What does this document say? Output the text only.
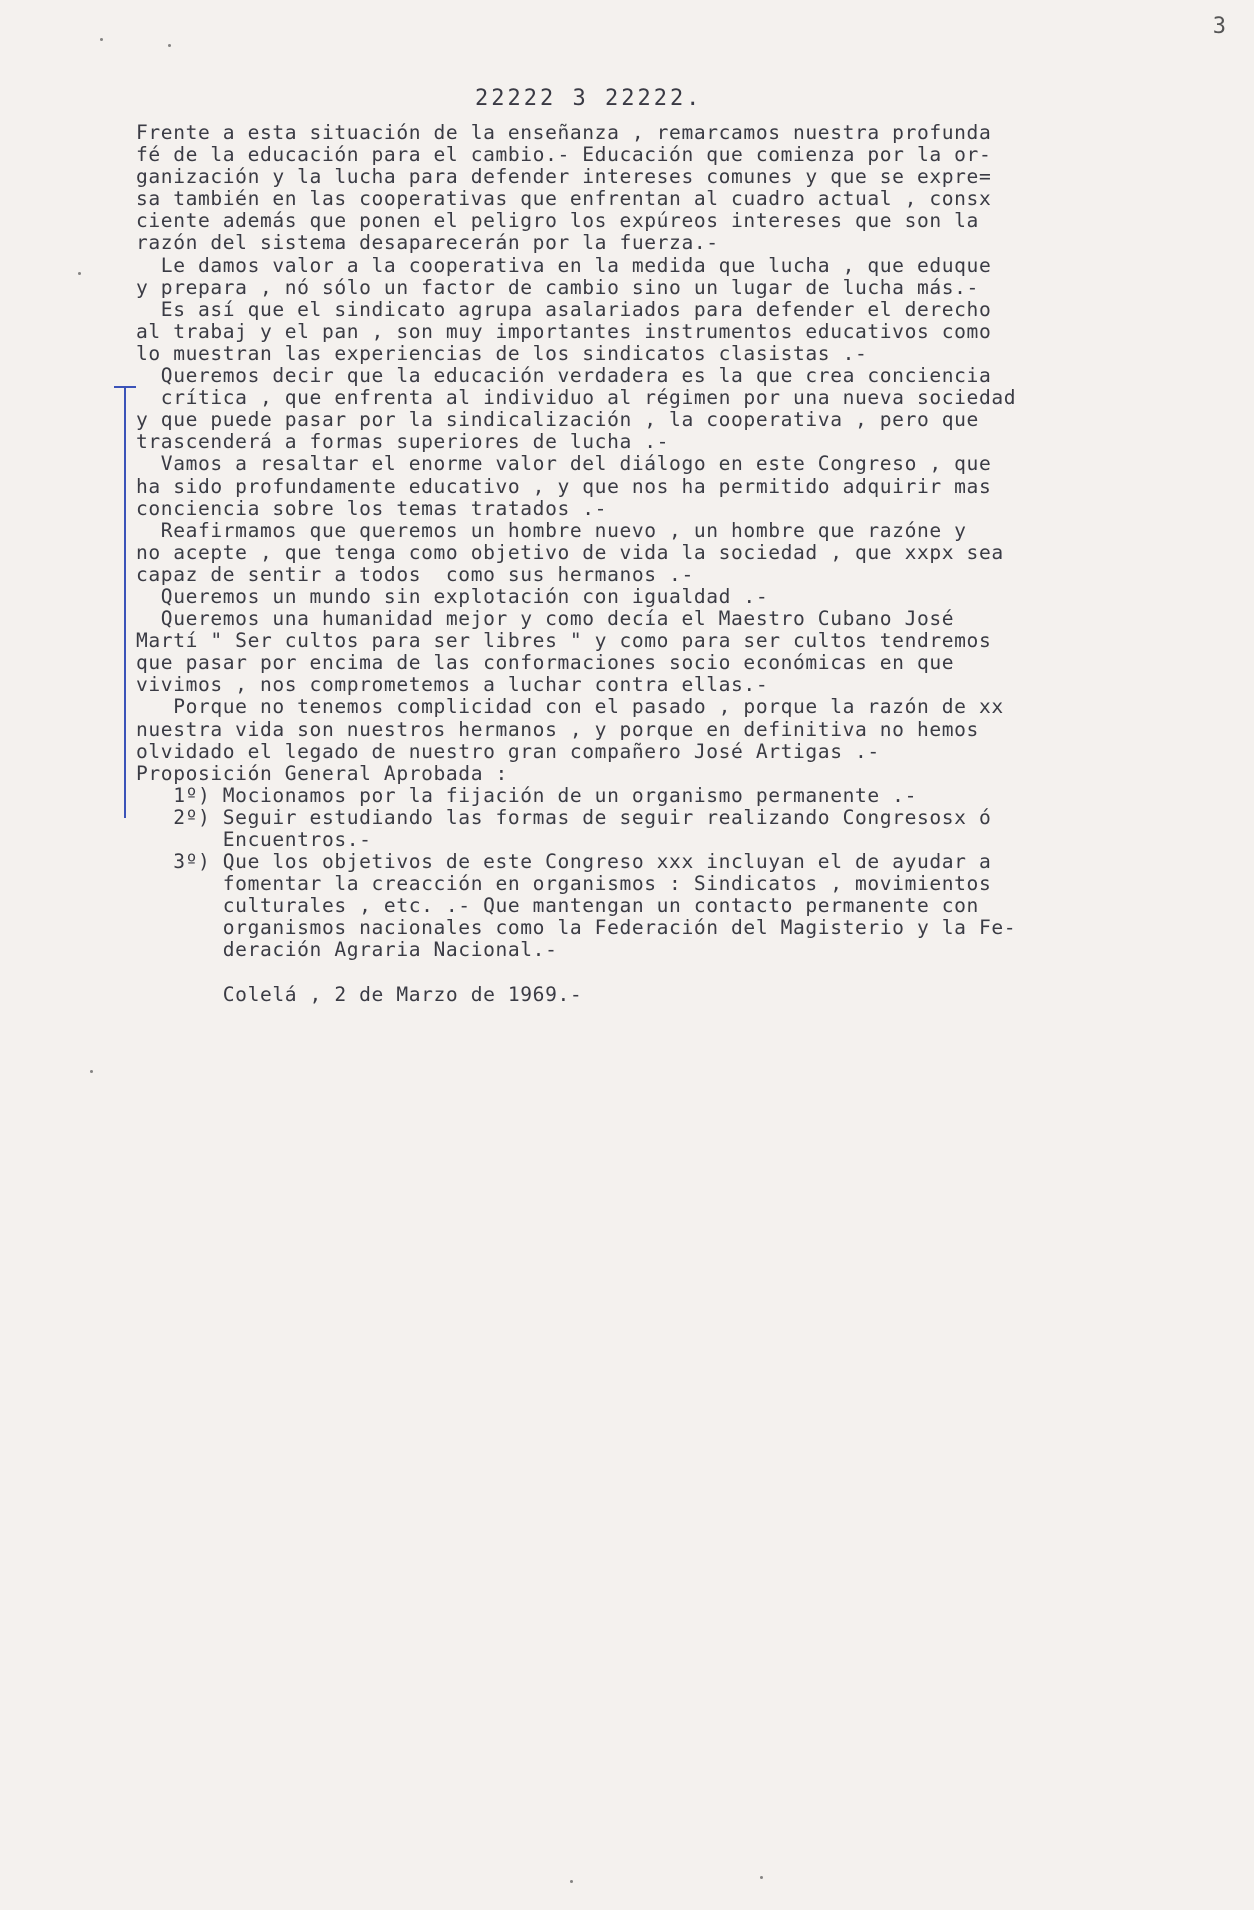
3
22222 3 22222.
Frente a esta situación de la enseñanza , remarcamos nuestra profunda
fé de la educación para el cambio.- Educación que comienza por la or-
ganización y la lucha para defender intereses comunes y que se expre=
sa también en las cooperativas que enfrentan al cuadro actual , consx
ciente además que ponen el peligro los expúreos intereses que son la
razón del sistema desaparecerán por la fuerza.-
Le damos valor a la cooperativa en la medida que lucha , que eduque
y prepara , nó sólo un factor de cambio sino un lugar de lucha más.-
Es así que el sindicato agrupa asalariados para defender el derecho
al trabaj y el pan , son muy importantes instrumentos educativos como
lo muestran las experiencias de los sindicatos clasistas .-
Queremos decir que la educación verdadera es la que crea conciencia
crítica , que enfrenta al individuo al régimen por una nueva sociedad
y que puede pasar por la sindicalización , la cooperativa , pero que
trascenderá a formas superiores de lucha .-
Vamos a resaltar el enorme valor del diálogo en este Congreso , que
ha sido profundamente educativo , y que nos ha permitido adquirir mas
conciencia sobre los temas tratados .-
Reafirmamos que queremos un hombre nuevo , un hombre que razóne y
no acepte , que tenga como objetivo de vida la sociedad , que xxpx sea
capaz de sentir a todos  como sus hermanos .-
Queremos un mundo sin explotación con igualdad .-
Queremos una humanidad mejor y como decía el Maestro Cubano José
Martí " Ser cultos para ser libres " y como para ser cultos tendremos
que pasar por encima de las conformaciones socio económicas en que
vivimos , nos comprometemos a luchar contra ellas.-
Porque no tenemos complicidad con el pasado , porque la razón de xx
nuestra vida son nuestros hermanos , y porque en definitiva no hemos
olvidado el legado de nuestro gran compañero José Artigas .-
Proposición General Aprobada :
1º) Mocionamos por la fijación de un organismo permanente .-
2º) Seguir estudiando las formas de seguir realizando Congresosx ó
Encuentros.-
3º) Que los objetivos de este Congreso xxx incluyan el de ayudar a
fomentar la creacción en organismos : Sindicatos , movimientos
culturales , etc. .- Que mantengan un contacto permanente con
organismos nacionales como la Federación del Magisterio y la Fe-
deración Agraria Nacional.-
Colelá , 2 de Marzo de 1969.-
